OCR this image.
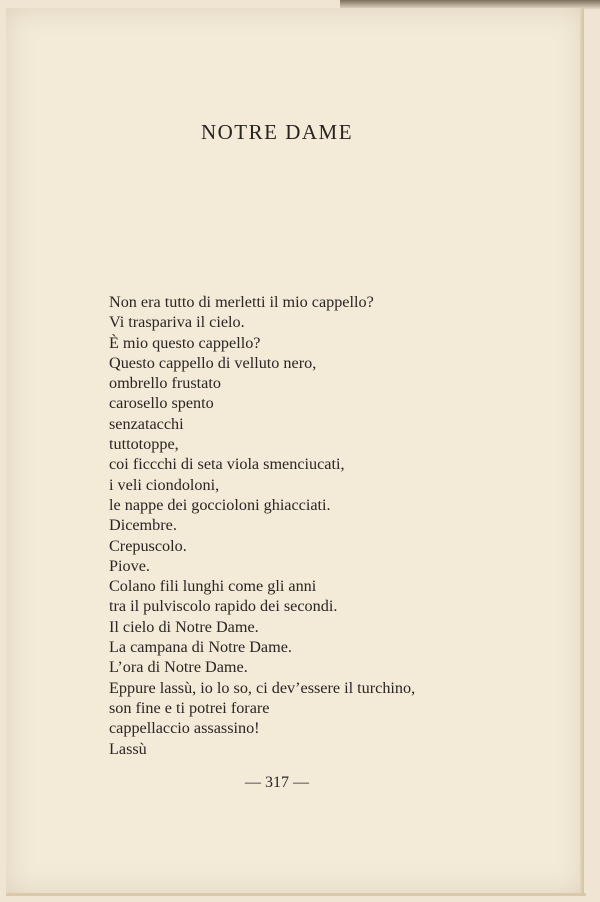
NOTRE DAME
Non era tutto di merletti il mio cappello?
Vi traspariva il cielo.
È mio questo cappello?
Questo cappello di velluto nero,
ombrello frustato
carosello spento
senzatacchi
tuttotoppe,
coi ficcchi di seta viola smenciucati,
i veli ciondoloni,
le nappe dei goccioloni ghiacciati.
Dicembre.
Crepuscolo.
Piove.
Colano fili lunghi come gli anni
tra il pulviscolo rapido dei secondi.
Il cielo di Notre Dame.
La campana di Notre Dame.
L’ora di Notre Dame.
Eppure lassù, io lo so, ci dev’essere il turchino,
son fine e ti potrei forare
cappellaccio assassino!
Lassù
— 317 —
